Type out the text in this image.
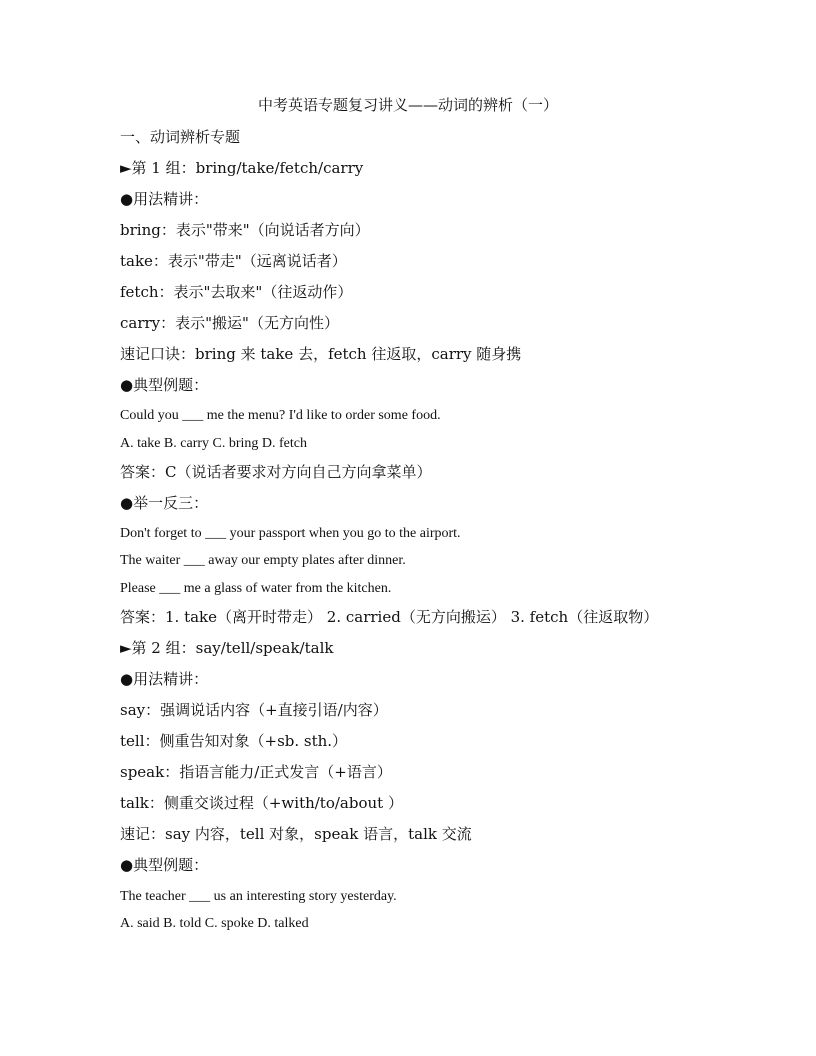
中考英语专题复习讲义——动词的辨析（一）
一、动词辨析专题
►第 1 组：bring/take/fetch/carry
●用法精讲：
bring：表示"带来"（向说话者方向）
take：表示"带走"（远离说话者）
fetch：表示"去取来"（往返动作）
carry：表示"搬运"（无方向性）
速记口诀：bring 来 take 去，fetch 往返取，carry 随身携
●典型例题：
Could you ___ me the menu? I'd like to order some food.
A. take B. carry C. bring D. fetch
答案：C（说话者要求对方向自己方向拿菜单）
●举一反三：
Don't forget to ___ your passport when you go to the airport.
The waiter ___ away our empty plates after dinner.
Please ___ me a glass of water from the kitchen.
答案：1. take（离开时带走） 2. carried（无方向搬运） 3. fetch（往返取物）
►第 2 组：say/tell/speak/talk
●用法精讲：
say：强调说话内容（+直接引语/内容）
tell：侧重告知对象（+sb. sth.）
speak：指语言能力/正式发言（+语言）
talk：侧重交谈过程（+with/to/about ）
速记：say 内容，tell 对象，speak 语言，talk 交流
●典型例题：
The teacher ___ us an interesting story yesterday.
A. said B. told C. spoke D. talked
